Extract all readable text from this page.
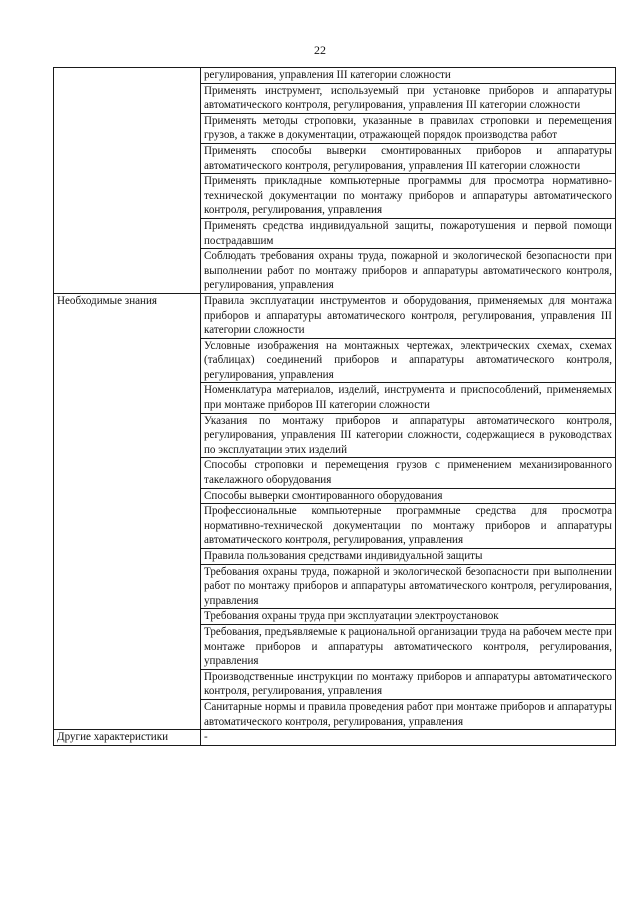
22
	регулирования, управления III категории сложности
	Применять инструмент, используемый при установке приборов и аппаратуры автоматического контроля, регулирования, управления III категории сложности
	Применять методы строповки, указанные в правилах строповки и перемещения грузов, а также в документации, отражающей порядок производства работ
	Применять способы выверки смонтированных приборов и аппаратуры автоматического контроля, регулирования, управления III категории сложности
	Применять прикладные компьютерные программы для просмотра нормативно-технической документации по монтажу приборов и аппаратуры автоматического контроля, регулирования, управления
	Применять средства индивидуальной защиты, пожаротушения и первой помощи пострадавшим
	Соблюдать требования охраны труда, пожарной и экологической безопасности при выполнении работ по монтажу приборов и аппаратуры автоматического контроля, регулирования, управления
Необходимые знания	Правила эксплуатации инструментов и оборудования, применяемых для монтажа приборов и аппаратуры автоматического контроля, регулирования, управления III категории сложности
	Условные изображения на монтажных чертежах, электрических схемах, схемах (таблицах) соединений приборов и аппаратуры автоматического контроля, регулирования, управления
	Номенклатура материалов, изделий, инструмента и приспособлений, применяемых при монтаже приборов III категории сложности
	Указания по монтажу приборов и аппаратуры автоматического контроля, регулирования, управления III категории сложности, содержащиеся в руководствах по эксплуатации этих изделий
	Способы строповки и перемещения грузов с применением механизированного такелажного оборудования
	Способы выверки смонтированного оборудования
	Профессиональные компьютерные программные средства для просмотра нормативно-технической документации по монтажу приборов и аппаратуры автоматического контроля, регулирования, управления
	Правила пользования средствами индивидуальной защиты
	Требования охраны труда, пожарной и экологической безопасности при выполнении работ по монтажу приборов и аппаратуры автоматического контроля, регулирования, управления
	Требования охраны труда при эксплуатации электроустановок
	Требования, предъявляемые к рациональной организации труда на рабочем месте при монтаже приборов и аппаратуры автоматического контроля, регулирования, управления
	Производственные инструкции по монтажу приборов и аппаратуры автоматического контроля, регулирования, управления
	Санитарные нормы и правила проведения работ при монтаже приборов и аппаратуры автоматического контроля, регулирования, управления
Другие характеристики	-
